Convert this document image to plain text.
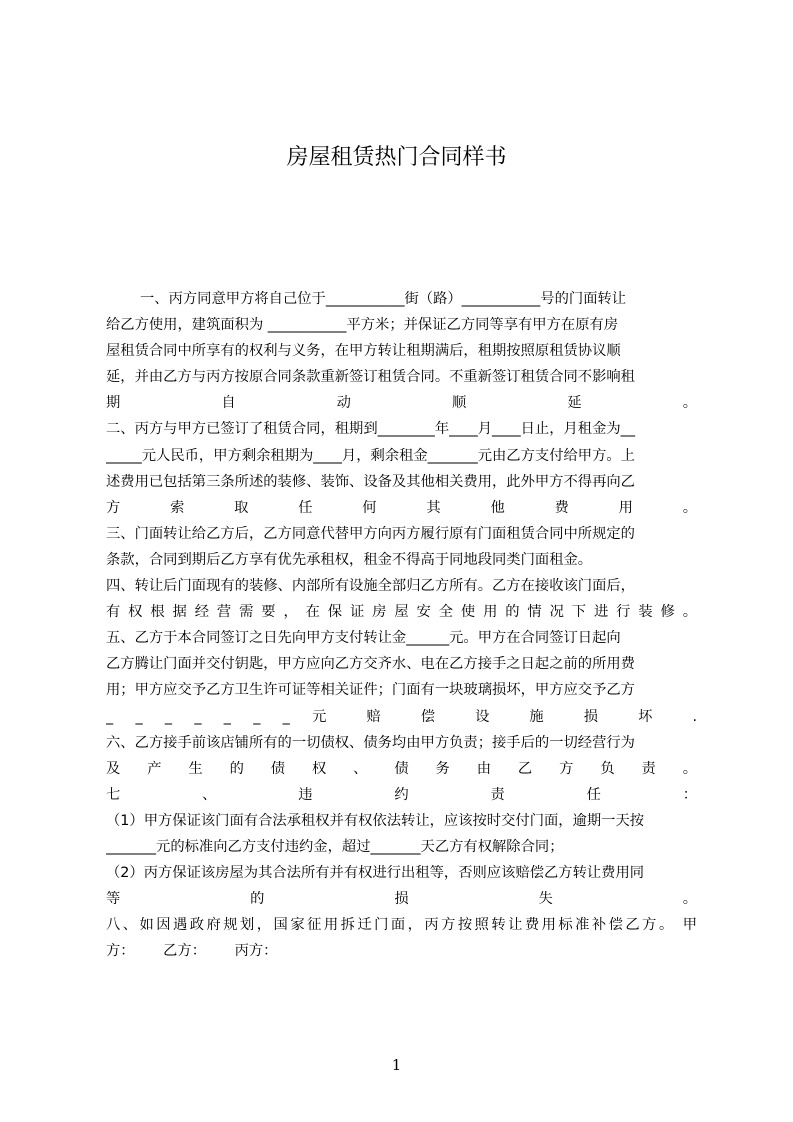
房屋租赁热门合同样书
一、丙方同意甲方将自己位于___________街（路）___________号的门面转让
给乙方使用，建筑面积为 ___________平方米；并保证乙方同等享有甲方在原有房
屋租赁合同中所享有的权利与义务，在甲方转让租期满后，租期按照原租赁协议顺
延，并由乙方与丙方按原合同条款重新签订租赁合同。不重新签订租赁合同不影响租
期 自 动 顺 延 。
二、丙方与甲方已签订了租赁合同，租期到________年____月____日止，月租金为__
_____元人民币，甲方剩余租期为____月，剩余租金_______元由乙方支付给甲方。上
述费用已包括第三条所述的装修、装饰、设备及其他相关费用，此外甲方不得再向乙
方 索 取 任 何 其 他 费 用 。
三、门面转让给乙方后，乙方同意代替甲方向丙方履行原有门面租赁合同中所规定的
条款，合同到期后乙方享有优先承租权，租金不得高于同地段同类门面租金。
四、转让后门面现有的装修、内部所有设施全部归乙方所有。乙方在接收该门面后，
有 权 根 据 经 营 需 要 ， 在 保 证 房 屋 安 全 使 用 的 情 况 下 进 行 装 修 。
五、乙方于本合同签订之日先向甲方支付转让金______元。甲方在合同签订日起向
乙方腾让门面并交付钥匙，甲方应向乙方交齐水、电在乙方接手之日起之前的所用费
用；甲方应交予乙方卫生许可证等相关证件；门面有一块玻璃损坏，甲方应交予乙方
_ _ _ _ _ _ _ 元 赔 偿 设 施 损 坏 .
六、乙方接手前该店铺所有的一切债权、债务均由甲方负责；接手后的一切经营行为
及 产 生 的 债 权 、 债 务 由 乙 方 负 责 。
七 、 违 约 责 任 ：
（1）甲方保证该门面有合法承租权并有权依法转让，应该按时交付门面，逾期一天按
_______元的标准向乙方支付违约金，超过_______天乙方有权解除合同；
（2）丙方保证该房屋为其合法所有并有权进行出租等，否则应该赔偿乙方转让费用同
等 的 损 失 。
八、如因遇政府规划，国家征用拆迁门面，丙方按照转让费用标准补偿乙方。 甲
方： 乙方： 丙方：
1
